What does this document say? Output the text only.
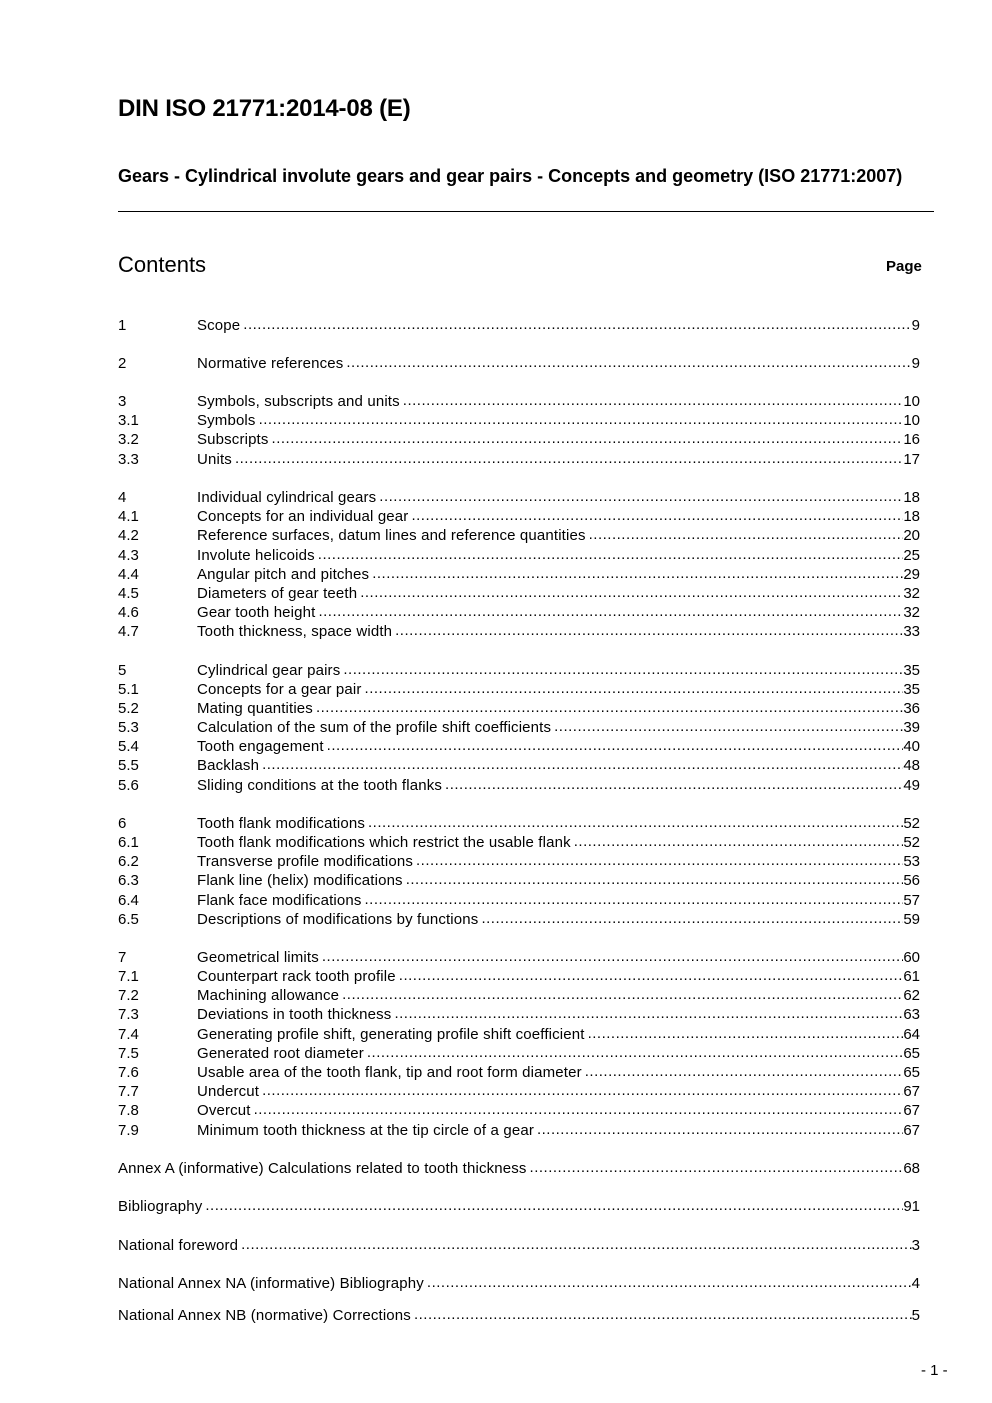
DIN ISO 21771:2014-08 (E)
Gears - Cylindrical involute gears and gear pairs - Concepts and geometry (ISO 21771:2007)
Contents	Page
1	Scope .....	9
2	Normative references .....	9
3	Symbols, subscripts and units .....	10
3.1	Symbols .....	10
3.2	Subscripts .....	16
3.3	Units .....	17
4	Individual cylindrical gears .....	18
4.1	Concepts for an individual gear .....	18
4.2	Reference surfaces, datum lines and reference quantities .....	20
4.3	Involute helicoids .....	25
4.4	Angular pitch and pitches .....	29
4.5	Diameters of gear teeth .....	32
4.6	Gear tooth height .....	32
4.7	Tooth thickness, space width .....	33
5	Cylindrical gear pairs .....	35
5.1	Concepts for a gear pair .....	35
5.2	Mating quantities .....	36
5.3	Calculation of the sum of the profile shift coefficients .....	39
5.4	Tooth engagement .....	40
5.5	Backlash .....	48
5.6	Sliding conditions at the tooth flanks .....	49
6	Tooth flank modifications .....	52
6.1	Tooth flank modifications which restrict the usable flank .....	52
6.2	Transverse profile modifications .....	53
6.3	Flank line (helix) modifications .....	56
6.4	Flank face modifications .....	57
6.5	Descriptions of modifications by functions .....	59
7	Geometrical limits .....	60
7.1	Counterpart rack tooth profile .....	61
7.2	Machining allowance .....	62
7.3	Deviations in tooth thickness .....	63
7.4	Generating profile shift, generating profile shift coefficient .....	64
7.5	Generated root diameter .....	65
7.6	Usable area of the tooth flank, tip and root form diameter .....	65
7.7	Undercut .....	67
7.8	Overcut .....	67
7.9	Minimum tooth thickness at the tip circle of a gear .....	67
Annex A (informative) Calculations related to tooth thickness .....	68
Bibliography .....	91
National foreword .....	3
National Annex NA (informative) Bibliography .....	4
National Annex NB (normative) Corrections .....	5
- 1 -
